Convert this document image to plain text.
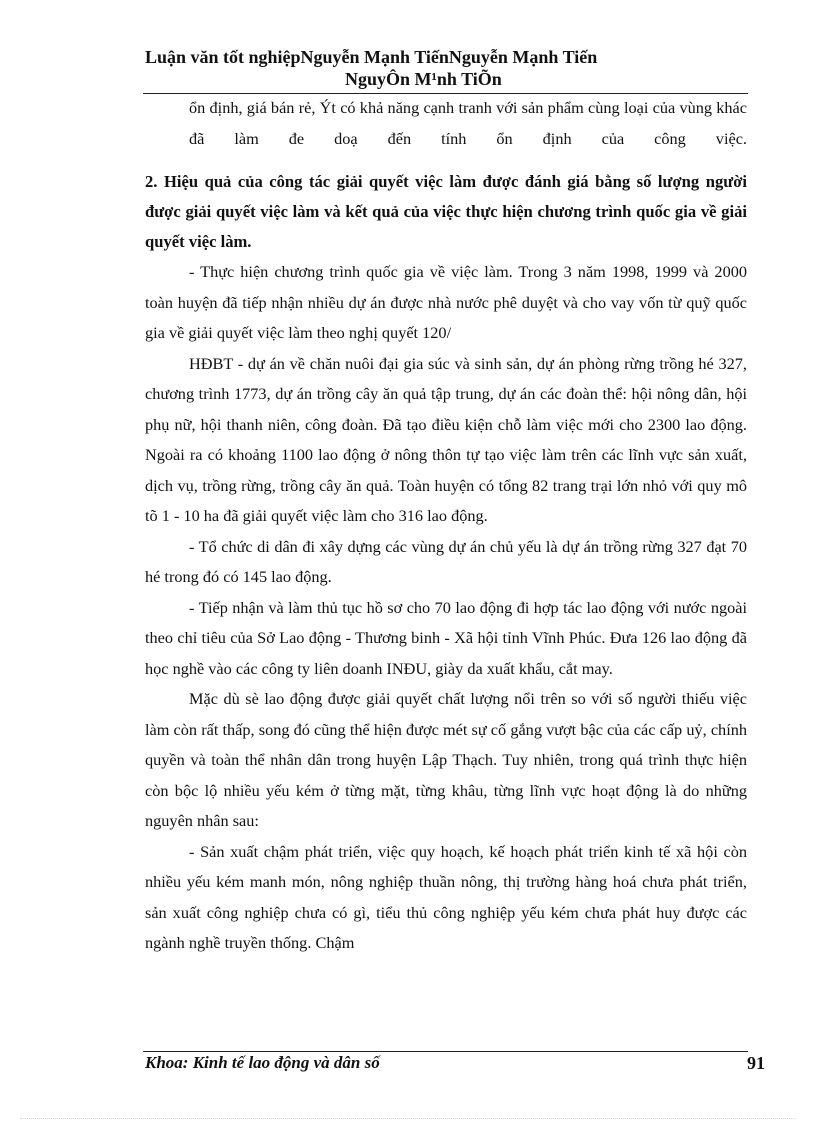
Luận văn tốt nghiệpNguyễn Mạnh TiếnNguyễn Mạnh Tiến
NguyÔn M¹nh TiÕn

ổn định, giá bán rẻ, Ýt có khả năng cạnh tranh với sản phẩm cùng loại của vùng khác đã làm đe doạ đến tính ổn định của công việc.

2. Hiệu quả của công tác giải quyết việc làm được đánh giá bằng số lượng người được giải quyết việc làm và kết quả của việc thực hiện chương trình quốc gia về giải quyết việc làm.

- Thực hiện chương trình quốc gia về việc làm. Trong 3 năm 1998, 1999 và 2000 toàn huyện đã tiếp nhận nhiều dự án được nhà nước phê duyệt và cho vay vốn từ quỹ quốc gia về giải quyết việc làm theo nghị quyết 120/

HĐBT - dự án về chăn nuôi đại gia súc và sinh sản, dự án phòng rừng trồng hé 327, chương trình 1773, dự án trồng cây ăn quả tập trung, dự án các đoàn thể: hội nông dân, hội phụ nữ, hội thanh niên, công đoàn. Đã tạo điều kiện chỗ làm việc mới cho 2300 lao động. Ngoài ra có khoảng 1100 lao động ở nông thôn tự tạo việc làm trên các lĩnh vực sản xuất, dịch vụ, trồng rừng, trồng cây ăn quả. Toàn huyện có tổng 82 trang trại lớn nhỏ với quy mô tõ 1 - 10 ha đã giải quyết việc làm cho 316 lao động.

- Tổ chức di dân đi xây dựng các vùng dự án chủ yếu là dự án trồng rừng 327 đạt 70 hé trong đó có 145 lao động.

- Tiếp nhận và làm thủ tục hồ sơ cho 70 lao động đi hợp tác lao động với nước ngoài theo chỉ tiêu của Sở Lao động - Thương binh - Xã hội tỉnh Vĩnh Phúc. Đưa 126 lao động đã học nghề vào các công ty liên doanh INĐU, giày da xuất khẩu, cắt may.

Mặc dù sè lao động được giải quyết chất lượng nổi trên so với số người thiếu việc làm còn rất thấp, song đó cũng thể hiện được mét sự cố gắng vượt bậc của các cấp uỷ, chính quyền và toàn thể nhân dân trong huyện Lập Thạch. Tuy nhiên, trong quá trình thực hiện còn bộc lộ nhiều yếu kém ở từng mặt, từng khâu, từng lĩnh vực hoạt động là do những nguyên nhân sau:

- Sản xuất chậm phát triển, việc quy hoạch, kế hoạch phát triển kinh tế xã hội còn nhiều yếu kém manh món, nông nghiệp thuần nông, thị trường hàng hoá chưa phát triển, sản xuất công nghiệp chưa có gì, tiểu thủ công nghiệp yếu kém chưa phát huy được các ngành nghề truyền thống. Chậm

Khoa: Kinh tế lao động và dân số	91
